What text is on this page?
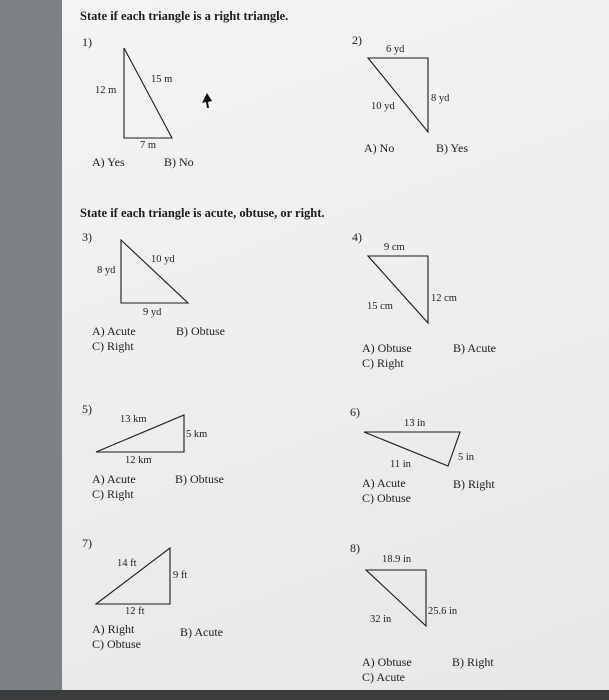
State if each triangle is a right triangle.
State if each triangle is acute, obtuse, or right.
1)
15 m
12 m
7 m
A) Yes	B) No
2)
6 yd
8 yd
10 yd
A) No	B) Yes
3)
10 yd
8 yd
9 yd
A) Acute	B) Obtuse
C) Right
4)
9 cm
12 cm
15 cm
A) Obtuse	B) Acute
C) Right
5)
13 km
5 km
12 km
A) Acute	B) Obtuse
C) Right
6)
13 in
5 in
11 in
A) Acute	B) Right
C) Obtuse
7)
14 ft
9 ft
12 ft
A) Right	B) Acute
C) Obtuse
8)
18.9 in
25.6 in
32 in
A) Obtuse	B) Right
C) Acute
